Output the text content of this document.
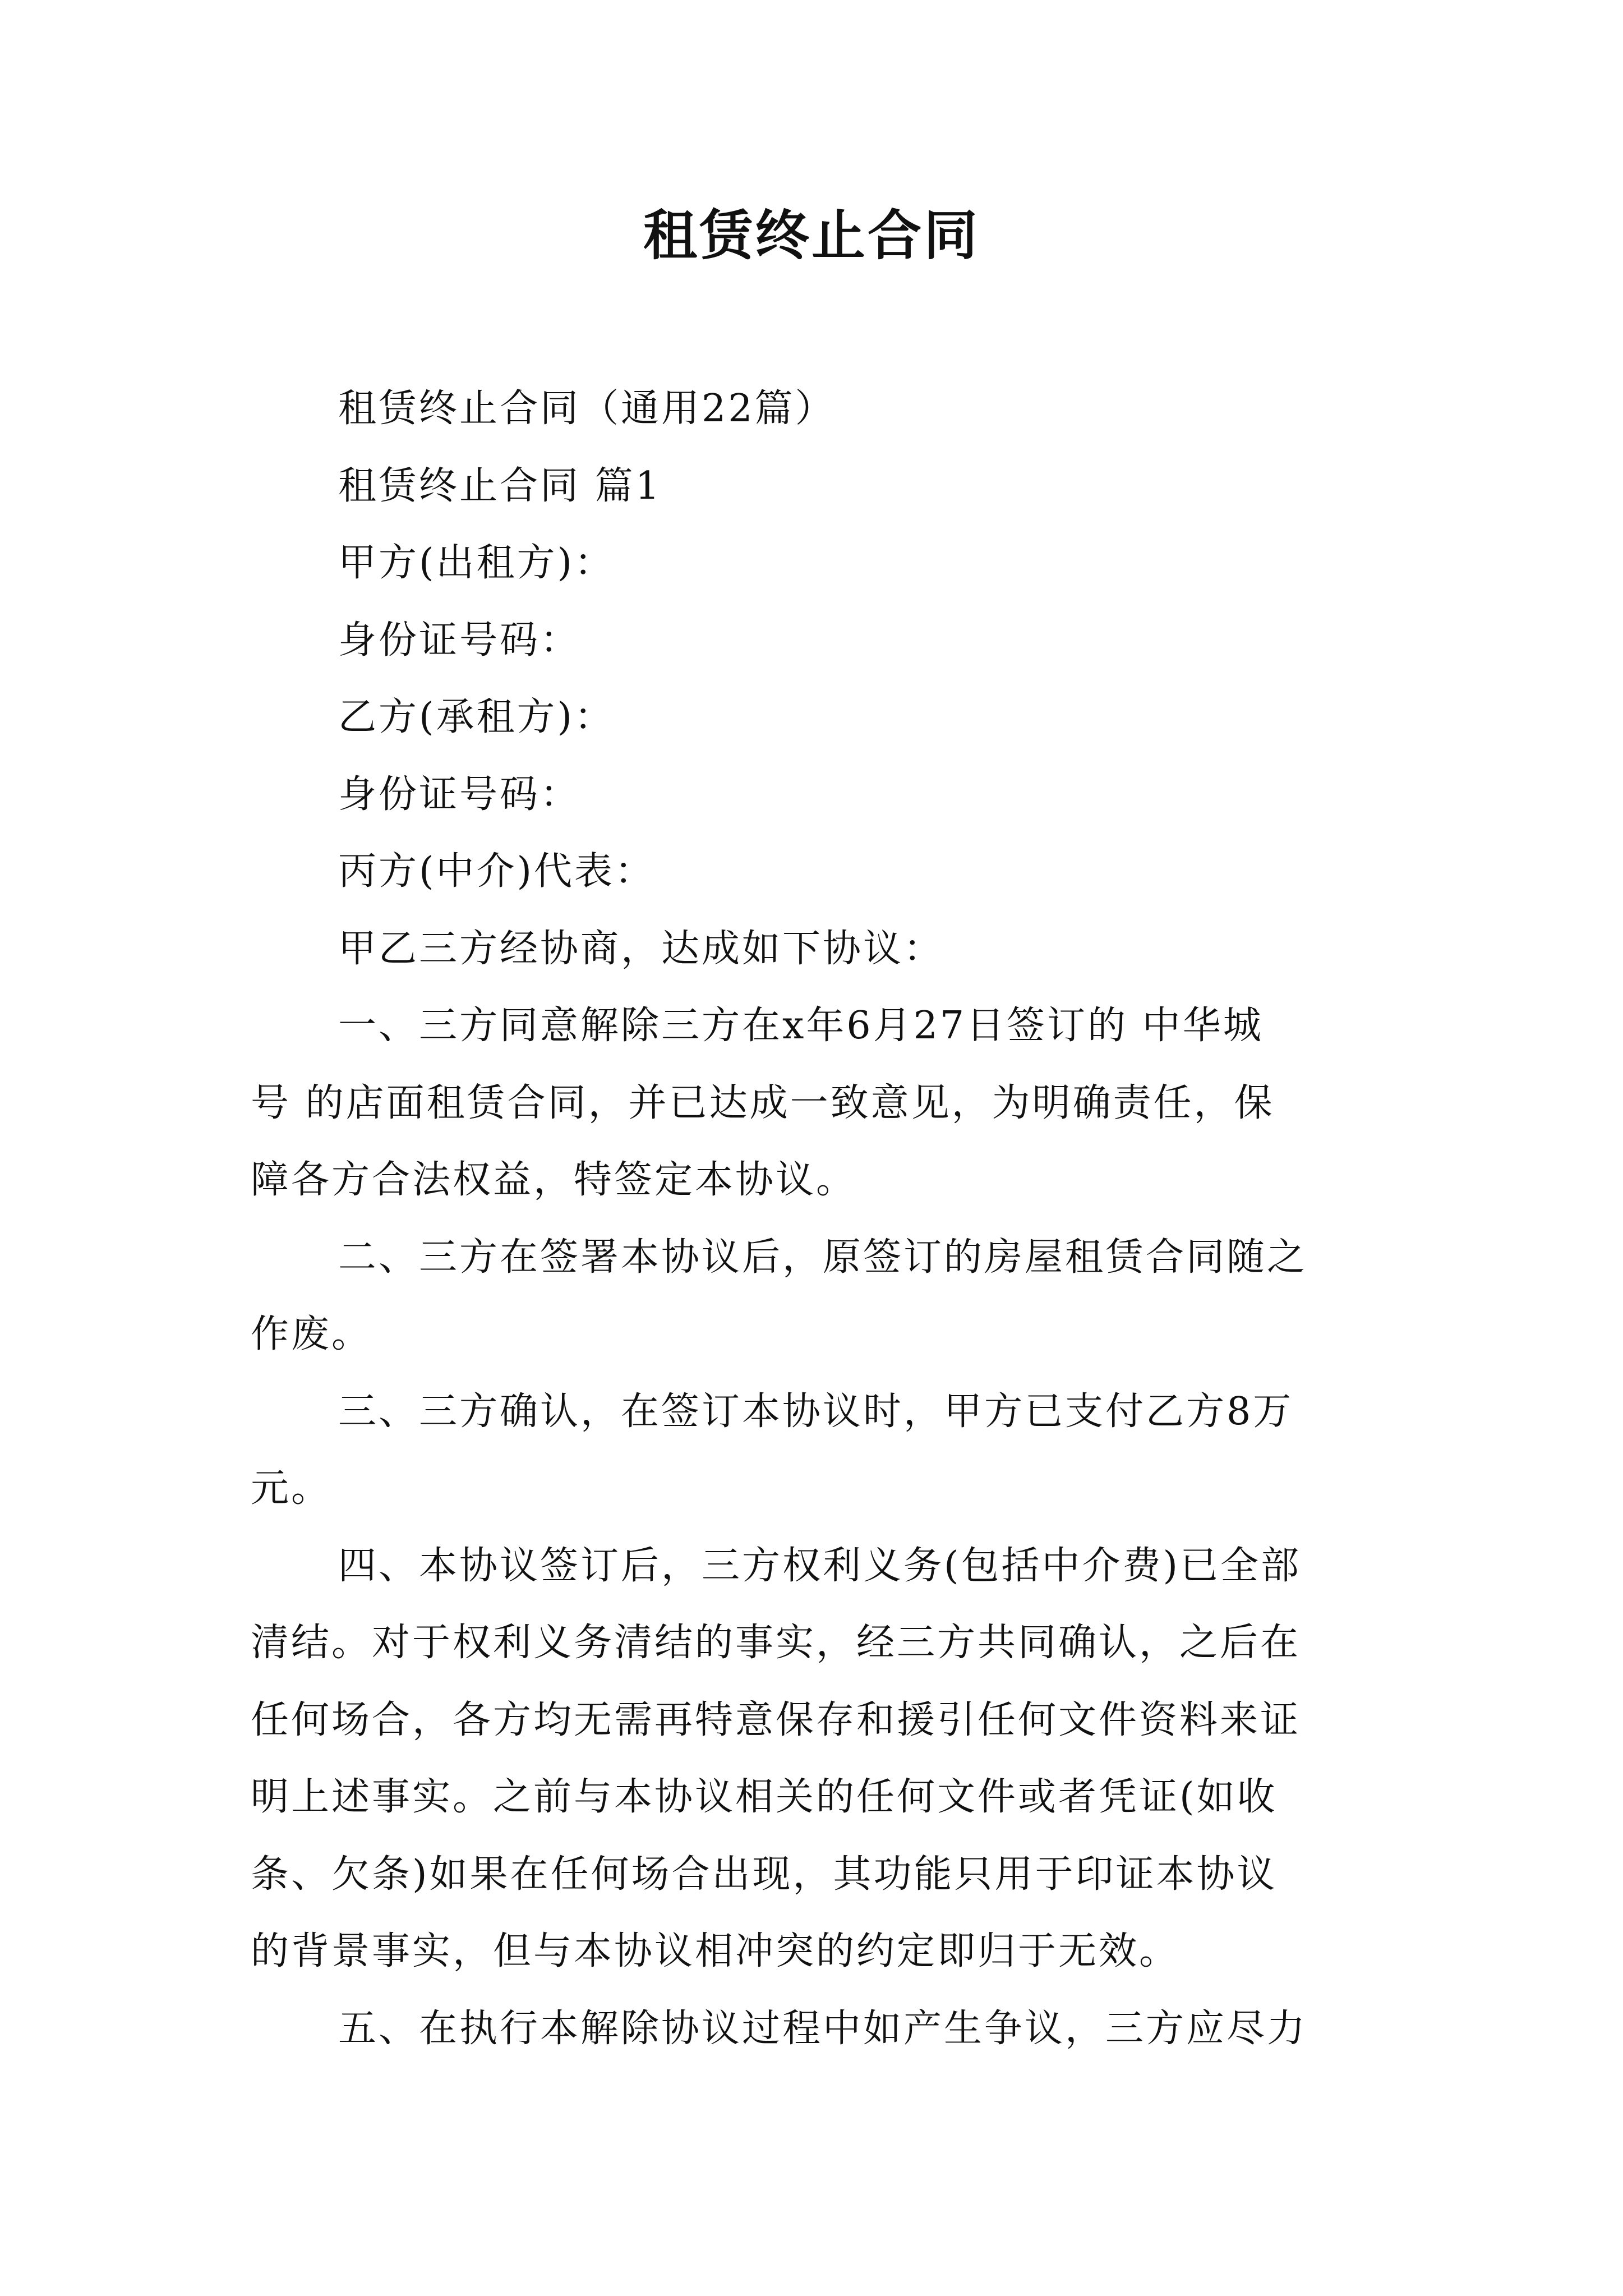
租赁终止合同

租赁终止合同（通用22篇）

租赁终止合同 篇1

甲方(出租方)：

身份证号码：

乙方(承租方)：

身份证号码：

丙方(中介)代表：

甲乙三方经协商，达成如下协议：

一、三方同意解除三方在x年6月27日签订的 中华城

号 的店面租赁合同，并已达成一致意见，为明确责任，保

障各方合法权益，特签定本协议。

二、三方在签署本协议后，原签订的房屋租赁合同随之

作废。

三、三方确认，在签订本协议时，甲方已支付乙方8万

元。

四、本协议签订后，三方权利义务(包括中介费)已全部

清结。对于权利义务清结的事实，经三方共同确认，之后在

任何场合，各方均无需再特意保存和援引任何文件资料来证

明上述事实。之前与本协议相关的任何文件或者凭证(如收

条、欠条)如果在任何场合出现，其功能只用于印证本协议

的背景事实，但与本协议相冲突的约定即归于无效。

五、在执行本解除协议过程中如产生争议，三方应尽力
